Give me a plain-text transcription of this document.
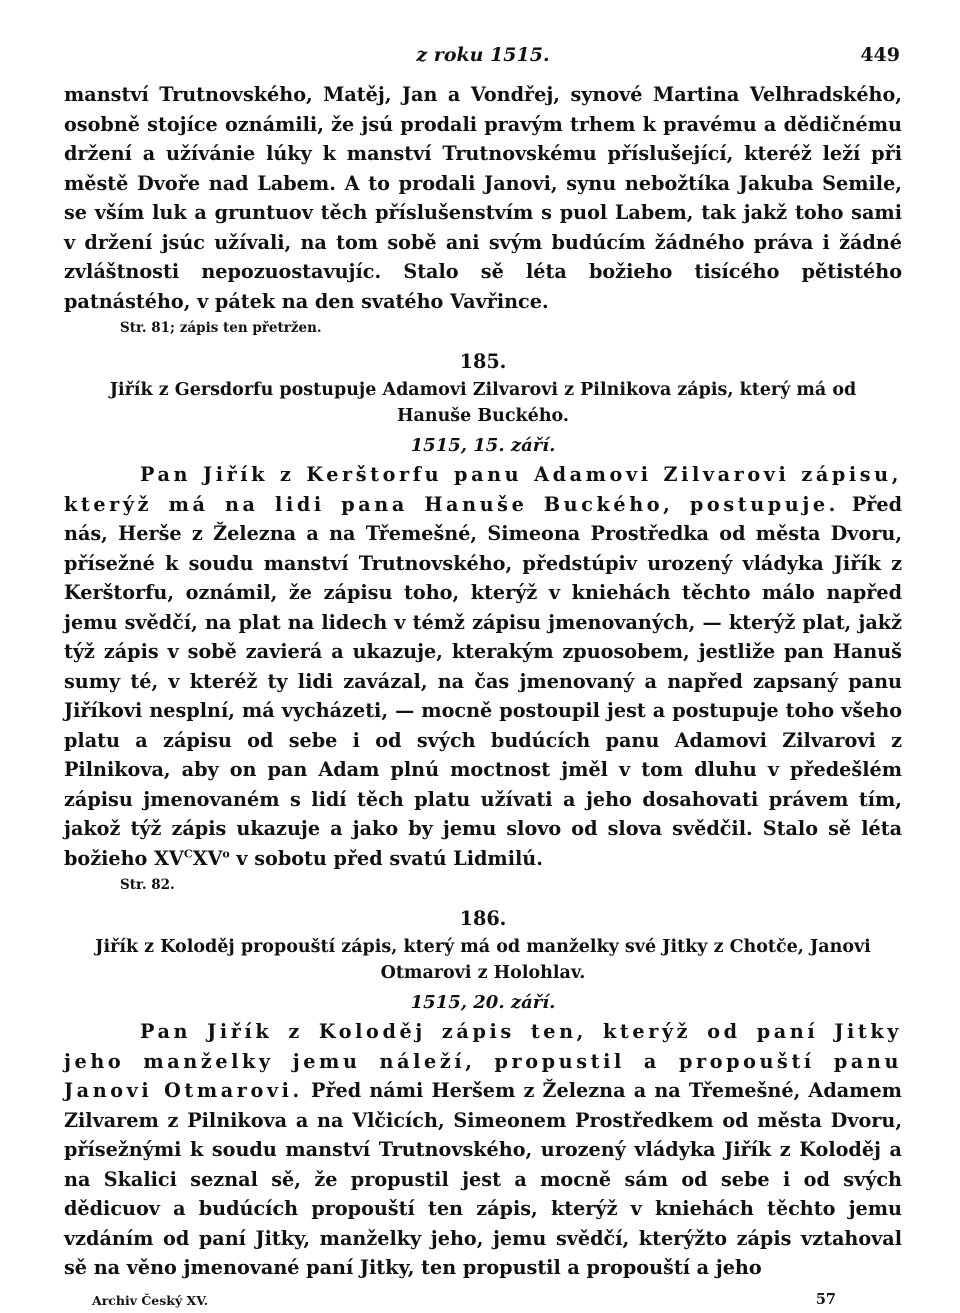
z roku 1515.	449

manství Trutnovského, Matěj, Jan a Vondřej, synové Martina Velhradského, osobně stojíce oznámili, že jsú prodali pravým trhem k pravému a dědičnému držení a užívánie lúky k manství Trutnovskému příslušející, kteréž leží při městě Dvoře nad Labem. A to prodali Janovi, synu nebožtíka Jakuba Semile, se vším luk a gruntuov těch příslušenstvím s puol Labem, tak jakž toho sami v držení jsúc užívali, na tom sobě ani svým budúcím žádného práva i žádné zvláštnosti nepozuostavujíc. Stalo sě léta božieho tisícého pětistého patnástého, v pátek na den svatého Vavřince.

Str. 81; zápis ten přetržen.
185.
Jiřík z Gersdorfu postupuje Adamovi Zilvarovi z Pilnikova zápis, který má od Hanuše Buckého.
1515, 15. září.

Pan Jiřík z Kerštorfu panu Adamovi Zilvarovi zápisu, kterýž má na lidi pana Hanuše Buckého, postupuje. Před nás, Herše z Železna a na Třemešné, Simeona Prostředka od města Dvoru, přísežné k soudu manství Trutnovského, předstúpiv urozený vládyka Jiřík z Kerštorfu, oznámil, že zápisu toho, kterýž v kniehách těchto málo napřed jemu svědčí, na plat na lidech v témž zápisu jmenovaných, — kterýž plat, jakž týž zápis v sobě zavierá a ukazuje, kterakým zpuosobem, jestliže pan Hanuš sumy té, v kteréž ty lidi zavázal, na čas jmenovaný a napřed zapsaný panu Jiříkovi nesplní, má vycházeti, — mocně postoupil jest a postupuje toho všeho platu a zápisu od sebe i od svých budúcích panu Adamovi Zilvarovi z Pilnikova, aby on pan Adam plnú moctnost jměl v tom dluhu v předešlém zápisu jmenovaném s lidí těch platu užívati a jeho dosahovati právem tím, jakož týž zápis ukazuje a jako by jemu slovo od slova svědčil. Stalo sě léta božieho $XV^CXV^o$ v sobotu před svatú Lidmilú.

Str. 82.
186.
Jiřík z Koloděj propouští zápis, který má od manželky své Jitky z Chotče, Janovi Otmarovi z Holohlav.
1515, 20. září.

Pan Jiřík z Koloděj zápis ten, kterýž od paní Jitky jeho manželky jemu náleží, propustil a propouští panu Janovi Otmarovi. Před námi Heršem z Železna a na Třemešné, Adamem Zilvarem z Pilnikova a na Vlčicích, Simeonem Prostředkem od města Dvoru, přísežnými k soudu manství Trutnovského, urozený vládyka Jiřík z Koloděj a na Skalici seznal sě, že propustil jest a mocně sám od sebe i od svých dědicuov a budúcích propouští ten zápis, kterýž v kniehách těchto jemu vzdáním od paní Jitky, manželky jeho, jemu svědčí, kterýžto zápis vztahoval sě na věno jmenované paní Jitky, ten propustil a propouští a jeho

Archiv Český XV.	57
